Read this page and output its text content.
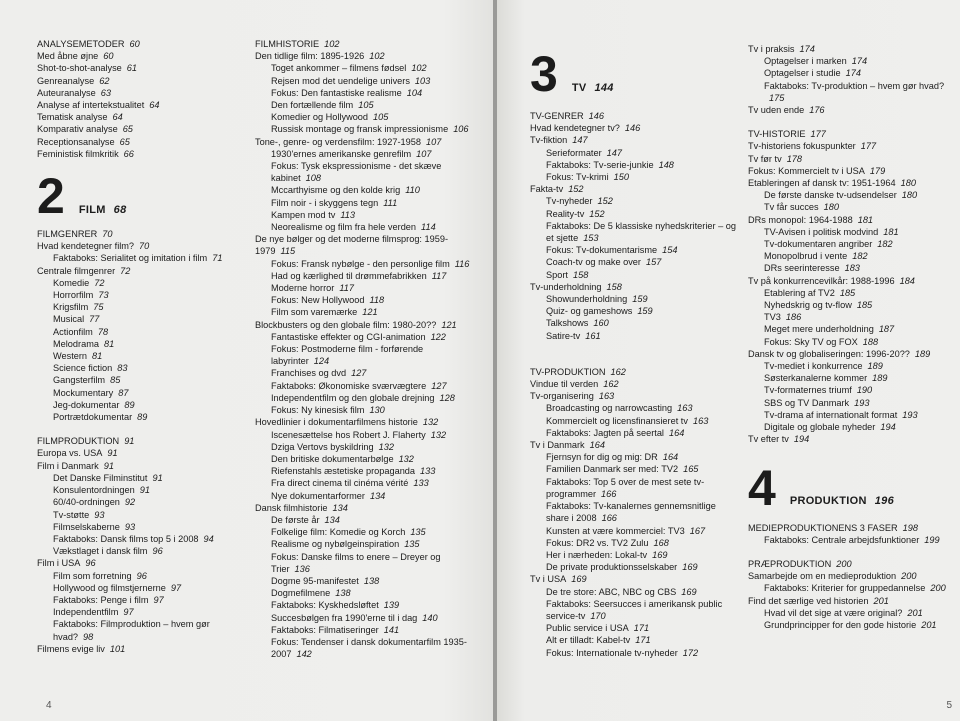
ANALYSEMETODER 60
Med åbne øjne 60
Shot-to-shot-analyse 61
Genreanalyse 62
Auteuranalyse 63
Analyse af intertekstualitet 64
Tematisk analyse 64
Komparativ analyse 65
Receptionsanalyse 65
Feministisk filmkritik 66
2 FILM 68
FILMGENRER 70
Hvad kendetegner film? 70
Faktaboks: Serialitet og imitation i film 71
Centrale filmgenrer 72
Komedie 72
Horrorfilm 73
Krigsfilm 75
Musical 77
Actionfilm 78
Melodrama 81
Western 81
Science fiction 83
Gangsterfilm 85
Mockumentary 87
Jeg-dokumentar 89
Portrætdokumentar 89
FILMPRODUKTION 91
Europa vs. USA 91
Film i Danmark 91
Det Danske Filminstitut 91
Konsulentordningen 91
60/40-ordningen 92
Tv-støtte 93
Filmselskaberne 93
Faktaboks: Dansk films top 5 i 2008 94
Vækstlaget i dansk film 96
Film i USA 96
Film som forretning 96
Hollywood og filmstjernerne 97
Faktaboks: Penge i film 97
Independentfilm 97
Faktaboks: Filmproduktion – hvem gør hvad? 98
Filmens evige liv 101
FILMHISTORIE 102
Den tidlige film: 1895-1926 102
Toget ankommer – filmens fødsel 102
Rejsen mod det uendelige univers 103
Fokus: Den fantastiske realisme 104
Den fortællende film 105
Komedier og Hollywood 105
Russisk montage og fransk impressionisme 106
Tone-, genre- og verdensfilm: 1927-1958 107
1930'ernes amerikanske genrefilm 107
Fokus: Tysk ekspressionisme - det skæve kabinet 108
Mccarthyisme og den kolde krig 110
Film noir - i skyggens tegn 111
Kampen mod tv 113
Neorealisme og film fra hele verden 114
De nye bølger og det moderne filmsprog: 1959-1979 115
Fokus: Fransk nybølge - den personlige film 116
Had og kærlighed til drømmefabrikken 117
Moderne horror 117
Fokus: New Hollywood 118
Film som varemærke 121
Blockbusters og den globale film: 1980-20?? 121
Fantastiske effekter og CGI-animation 122
Fokus: Postmoderne film - forførende labyrinter 124
Franchises og dvd 127
Faktaboks: Økonomiske sværvægtere 127
Independentfilm og den globale drejning 128
Fokus: Ny kinesisk film 130
Hovedlinier i dokumentarfilmens historie 132
Iscenesættelse hos Robert J. Flaherty 132
Dziga Vertovs byskildring 132
Den britiske dokumentarbølge 132
Riefenstahls æstetiske propaganda 133
Fra direct cinema til cinéma vérité 133
Nye dokumentarformer 134
Dansk filmhistorie 134
De første år 134
Folkelige film: Komedie og Korch 135
Realisme og nybølgeinspiration 135
Fokus: Danske films to enere – Dreyer og Trier 136
Dogme 95-manifestet 138
Dogmefilmene 138
Faktaboks: Kyskhedsløftet 139
Succesbølgen fra 1990'erne til i dag 140
Faktaboks: Filmatiseringer 141
Fokus: Tendenser i dansk dokumentarfilm 1935-2007 142
4
3 TV 144
TV-GENRER 146
Hvad kendetegner tv? 146
Tv-fiktion 147
Serieformater 147
Faktaboks: Tv-serie-junkie 148
Fokus: Tv-krimi 150
Fakta-tv 152
Tv-nyheder 152
Reality-tv 152
Faktaboks: De 5 klassiske nyhedskriterier – og et sjette 153
Fokus: Tv-dokumentarisme 154
Coach-tv og make over 157
Sport 158
Tv-underholdning 158
Showunderholdning 159
Quiz- og gameshows 159
Talkshows 160
Satire-tv 161
TV-PRODUKTION 162
Vindue til verden 162
Tv-organisering 163
Broadcasting og narrowcasting 163
Kommercielt og licensfinansieret tv 163
Faktaboks: Jagten på seertal 164
Tv i Danmark 164
Fjernsyn for dig og mig: DR 164
Familien Danmark ser med: TV2 165
Faktaboks: Top 5 over de mest sete tv-programmer 166
Faktaboks: Tv-kanalernes gennemsnitlige share i 2008 166
Kunsten at være kommerciel: TV3 167
Fokus: DR2 vs. TV2 Zulu 168
Her i nærheden: Lokal-tv 169
De private produktionsselskaber 169
Tv i USA 169
De tre store: ABC, NBC og CBS 169
Faktaboks: Seersucces i amerikansk public service-tv 170
Public service i USA 171
Alt er tilladt: Kabel-tv 171
Fokus: Internationale tv-nyheder 172
Tv i praksis 174
Optagelser i marken 174
Optagelser i studie 174
Faktaboks: Tv-produktion – hvem gør hvad?175
Tv uden ende 176
TV-HISTORIE 177
Tv-historiens fokuspunkter 177
Tv før tv 178
Fokus: Kommercielt tv i USA 179
Etableringen af dansk tv: 1951-1964 180
De første danske tv-udsendelser 180
Tv får succes 180
DRs monopol: 1964-1988 181
TV-Avisen i politisk modvind 181
Tv-dokumentaren angriber 182
Monopolbrud i vente 182
DRs seerinteresse 183
Tv på konkurrencevilkår: 1988-1996 184
Etablering af TV2 185
Nyhedskrig og tv-flow 185
TV3 186
Meget mere underholdning 187
Fokus: Sky TV og FOX 188
Dansk tv og globaliseringen: 1996-20?? 189
Tv-mediet i konkurrence 189
Søsterkanalerne kommer 189
Tv-formaternes triumf 190
SBS og TV Danmark 193
Tv-drama af internationalt format 193
Digitale og globale nyheder 194
Tv efter tv 194
4 PRODUKTION 196
MEDIEPRODUKTIONENS 3 FASER 198
Faktaboks: Centrale arbejdsfunktioner 199
PRÆPRODUKTION 200
Samarbejde om en medieproduktion 200
Faktaboks: Kriterier for gruppedannelse 200
Find det særlige ved historien 201
Hvad vil det sige at være original? 201
Grundprincipper for den gode historie 201
5
